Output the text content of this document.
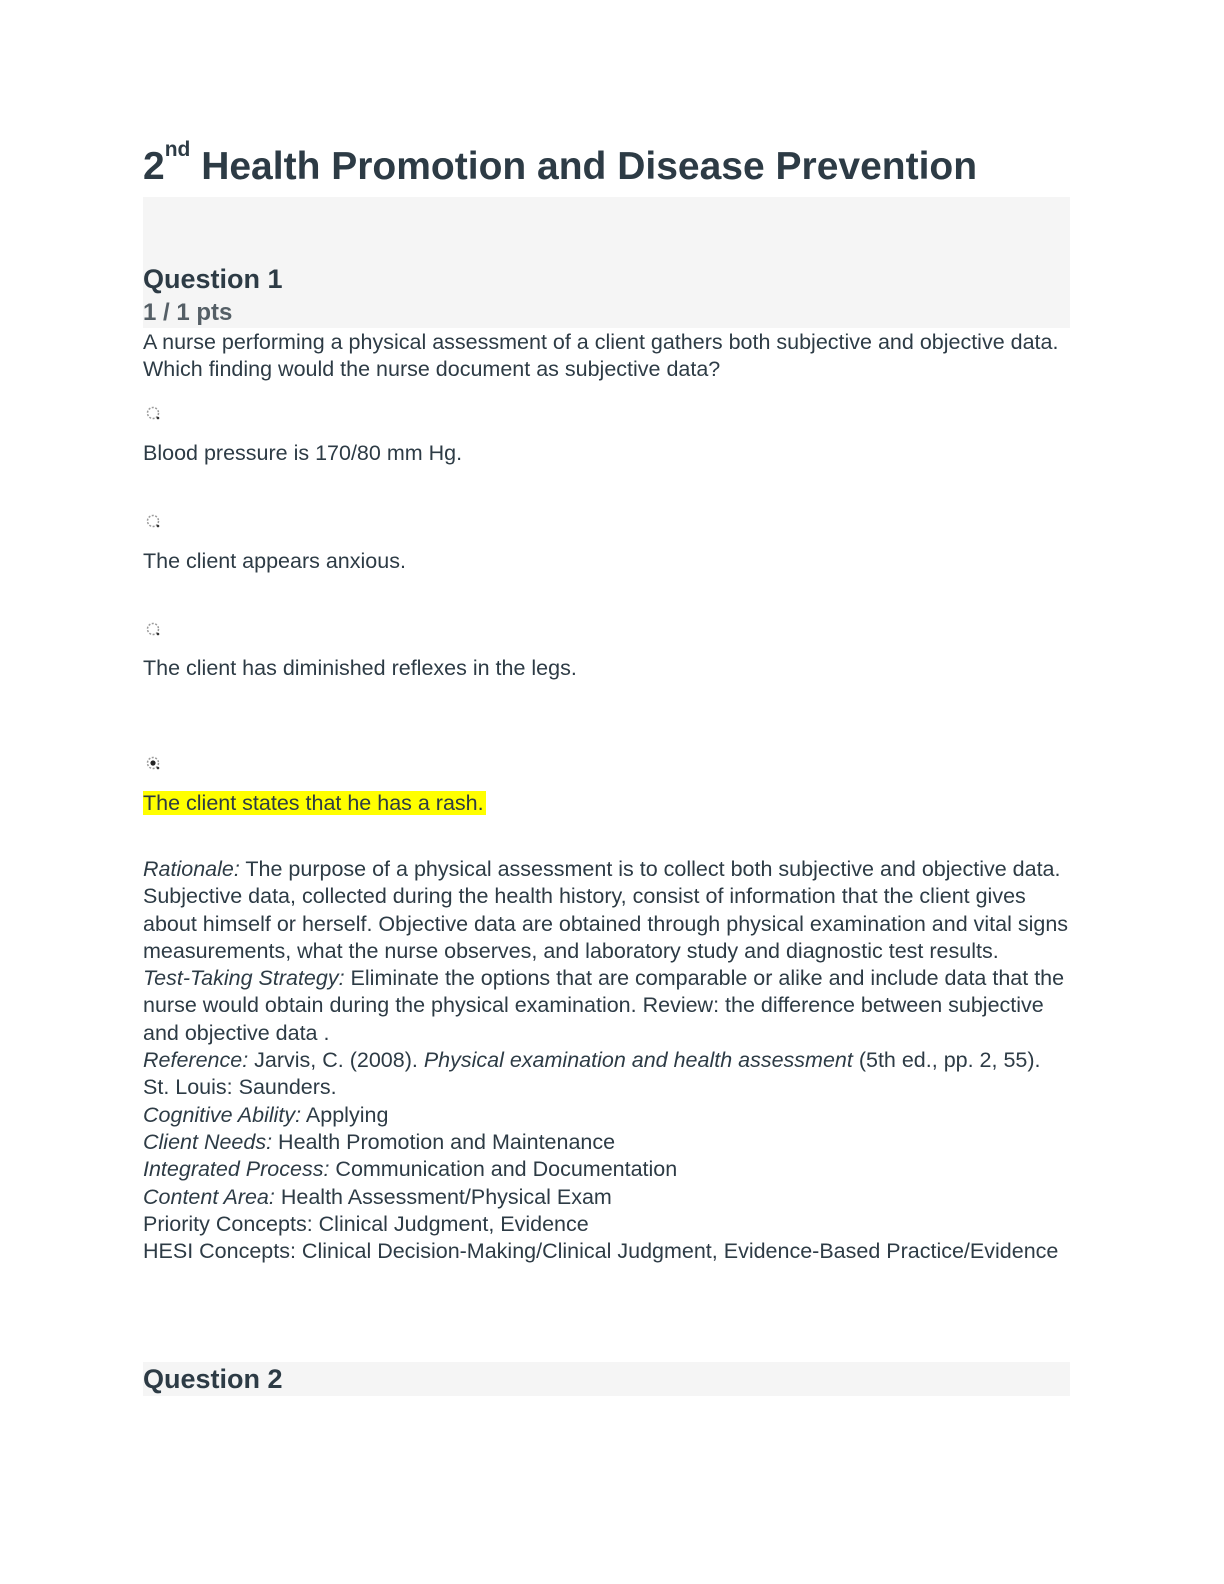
2nd Health Promotion and Disease Prevention
Question 1
1 / 1 pts
A nurse performing a physical assessment of a client gathers both subjective and objective data. Which finding would the nurse document as subjective data?
Blood pressure is 170/80 mm Hg.
The client appears anxious.
The client has diminished reflexes in the legs.
The client states that he has a rash.
Rationale: The purpose of a physical assessment is to collect both subjective and objective data. Subjective data, collected during the health history, consist of information that the client gives about himself or herself. Objective data are obtained through physical examination and vital signs measurements, what the nurse observes, and laboratory study and diagnostic test results.
Test-Taking Strategy: Eliminate the options that are comparable or alike and include data that the nurse would obtain during the physical examination. Review: the difference between subjective and objective data .
Reference: Jarvis, C. (2008). Physical examination and health assessment (5th ed., pp. 2, 55). St. Louis: Saunders.
Cognitive Ability: Applying
Client Needs: Health Promotion and Maintenance
Integrated Process: Communication and Documentation
Content Area: Health Assessment/Physical Exam
Priority Concepts: Clinical Judgment, Evidence
HESI Concepts: Clinical Decision-Making/Clinical Judgment, Evidence-Based Practice/Evidence
Question 2
